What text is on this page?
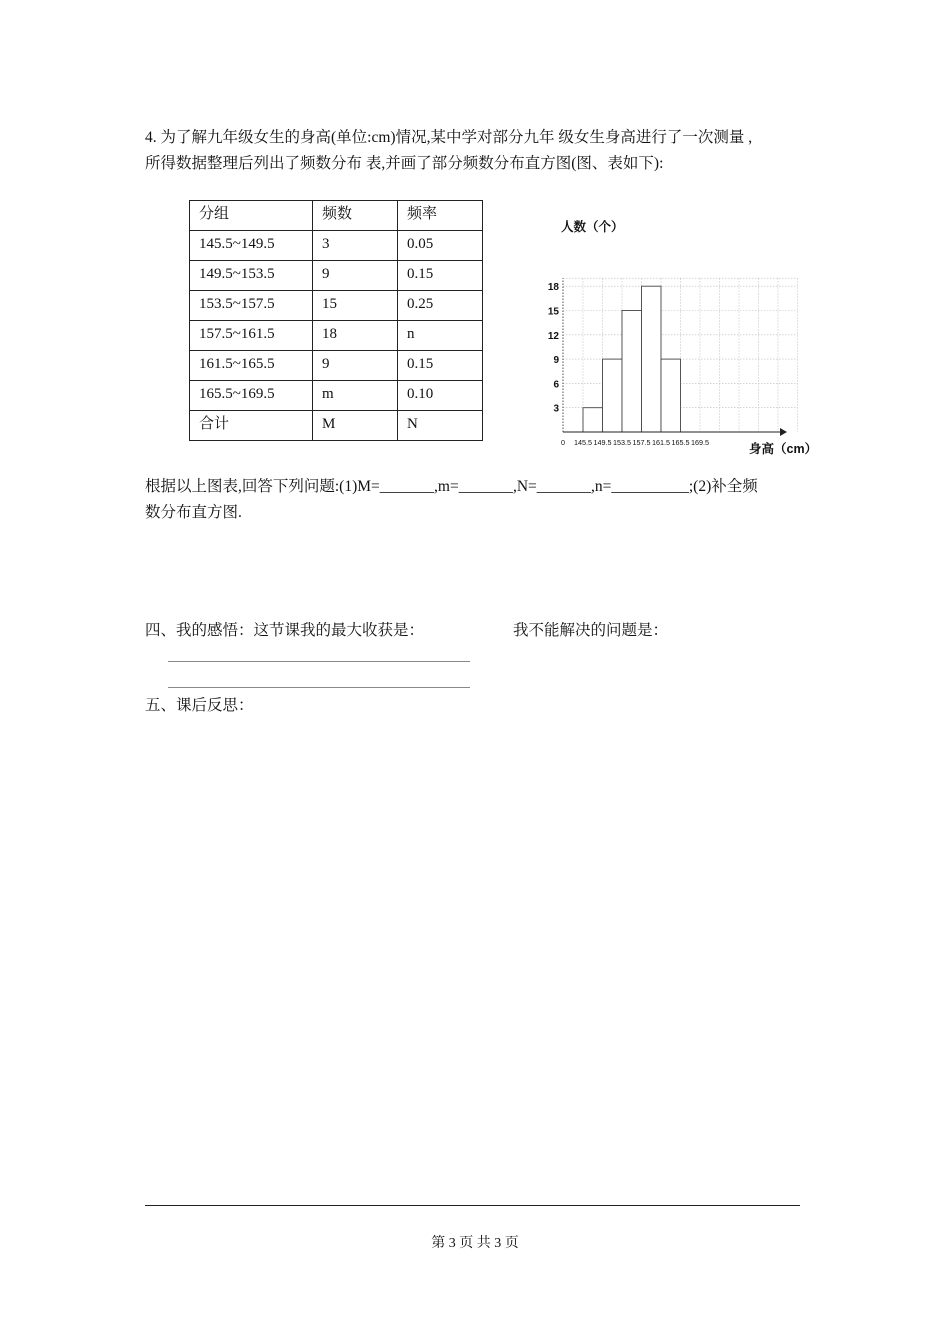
4. 为了解九年级女生的身高(单位:cm)情况,某中学对部分九年 级女生身高进行了一次测量 ,
所得数据整理后列出了频数分布 表,并画了部分频数分布直方图(图、表如下):
分组	频数	频率
145.5~149.5	3	0.05
149.5~153.5	9	0.15
153.5~157.5	15	0.25
157.5~161.5	18	n
161.5~165.5	9	0.15
165.5~169.5	m	0.10
合计	M	N
3
6
9
12
15
18
0 145.5 149.5 153.5 157.5 161.5 165.5 169.5
人数（个）
身高（cm）
根据以上图表,回答下列问题:(1)M=_______,m=_______,N=_______,n=__________;(2)补全频
数分布直方图.
四、我的感悟：这节课我的最大收获是：	我不能解决的问题是：
五、课后反思：
第 3 页 共 3 页
